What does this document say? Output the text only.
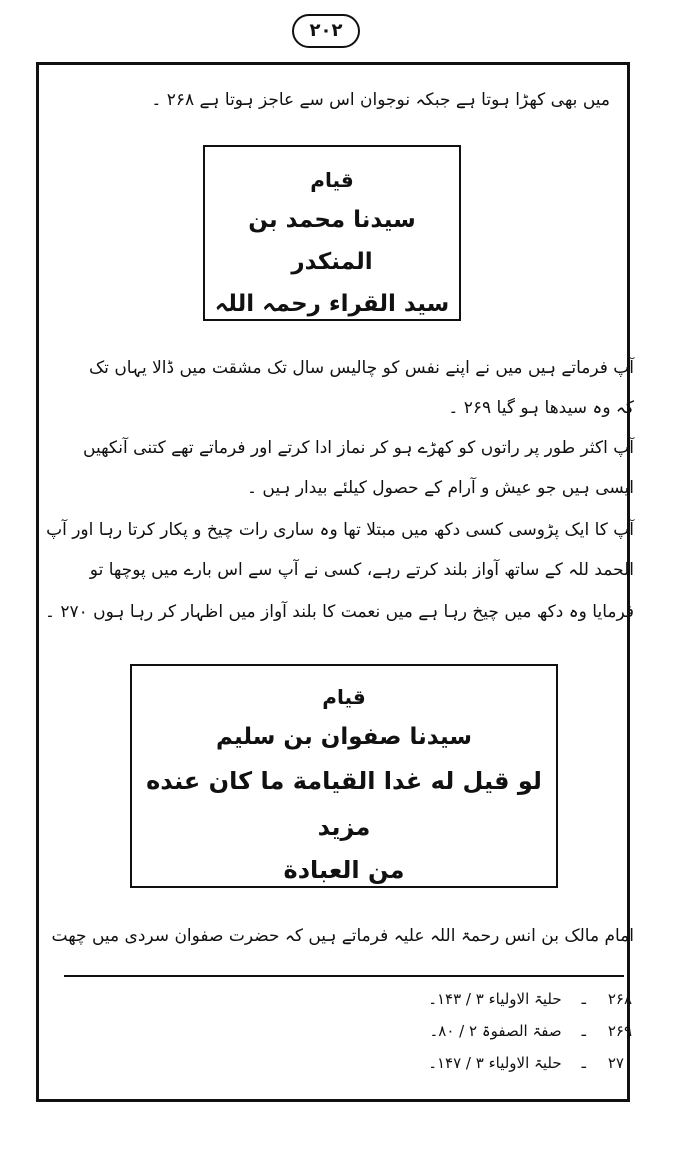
۲۰۲
میں بھی کھڑا ہوتا ہے جبکہ نوجوان اس سے عاجز ہوتا ہے ۲۶۸ ۔
قیام
سیدنا محمد بن المنکدر
سید القراء رحمہ اللہ
آپ فرماتے ہیں میں نے اپنے نفس کو چالیس سال تک مشقت میں ڈالا یہاں تک
کہ وہ سیدھا ہو گیا ۲۶۹ ۔
آپ اکثر طور پر راتوں کو کھڑے ہو کر نماز ادا کرتے اور فرماتے تھے کتنی آنکھیں
ایسی ہیں جو عیش و آرام کے حصول کیلئے بیدار ہیں ۔
آپ کا ایک پڑوسی کسی دکھ میں مبتلا تھا وہ ساری رات چیخ و پکار کرتا رہا اور آپ
الحمد للہ کے ساتھ آواز بلند کرتے رہے، کسی نے آپ سے اس بارے میں پوچھا تو
فرمایا وہ دکھ میں چیخ رہا ہے میں نعمت کا بلند آواز میں اظہار کر رہا ہوں ۲۷۰ ۔
قیام
سیدنا صفوان بن سلیم
لو قیل له غدا القیامة ما کان عنده مزید
من العبادة
امام مالک بن انس رحمۃ اللہ علیہ فرماتے ہیں کہ حضرت صفوان سردی میں چھت
۲۶۸ـحلیۃ الاولیاء ۳ / ۱۴۳۔
۲۶۹ـصفۃ الصفوۃ ۲ / ۸۰۔
۲۷۰ـحلیۃ الاولیاء ۳ / ۱۴۷۔
